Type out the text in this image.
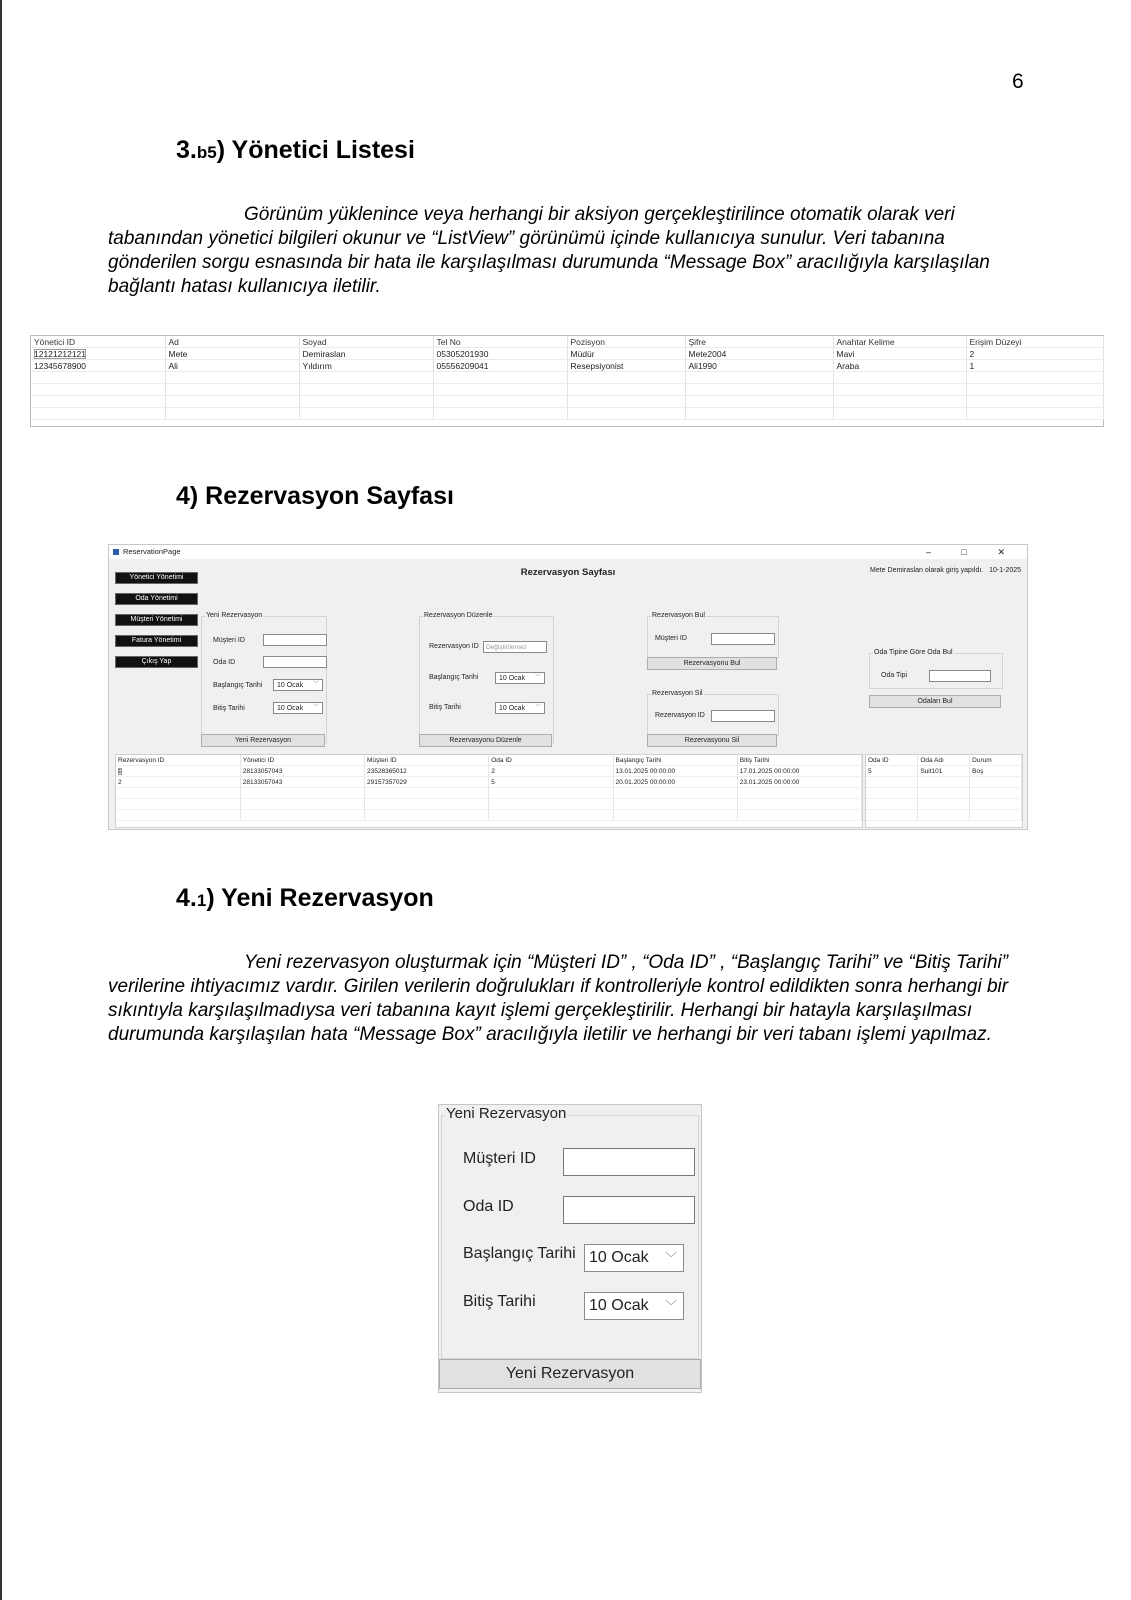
6
3.b5) Yönetici Listesi
Görünüm yüklenince veya herhangi bir aksiyon gerçekleştirilince otomatik olarak veri tabanından yönetici bilgileri okunur ve “ListView” görünümü içinde kullanıcıya sunulur. Veri tabanına gönderilen sorgu esnasında bir hata ile karşılaşılması durumunda “Message Box” aracılığıyla karşılaşılan bağlantı hatası kullanıcıya iletilir.
Yönetici ID	Ad	Soyad	Tel No	Pozisyon	Şifre	Anahtar Kelime	Erişim Düzeyi
12121212121	Mete	Demiraslan	05305201930	Müdür	Mete2004	Mavi	2
12345678900	Ali	Yıldırım	05556209041	Resepsiyonist	Ali1990	Araba	1

4) Rezervasyon Sayfası
ReservationPage	– □ ✕
Rezervasyon Sayfası	Mete Demiraslan olarak giriş yapıldı. 10-1-2025
Yönetici Yönetimi
Oda Yönetimi
Müşteri Yönetimi
Fatura Yönetimi
Çıkış Yap
Yeni Rezervasyon
Müşteri ID
Oda ID
Başlangıç Tarihi	10 Ocak ﹀
Bitiş Tarihi	10 Ocak ﹀
Yeni Rezervasyon
Rezervasyon Düzenle
Rezervasyon ID	Değiştirilemez
Başlangıç Tarihi	10 Ocak ﹀
Bitiş Tarihi	10 Ocak ﹀
Rezervasyonu Düzenle
Rezervasyon Bul
Müşteri ID
Rezervasyonu Bul
Rezervasyon Sil
Rezervasyon ID
Rezervasyonu Sil
Oda Tipine Göre Oda Bul
Oda Tipi
Odaları Bul
Rezervasyon ID	Yönetici ID	Müşteri ID	Oda ID	Başlangıç Tarihi	Bitiş Tarihi
1	28133057043	23528365012	2	13.01.2025 00:00:00	17.01.2025 00:00:00
2	28133057043	29157357029	5	20.01.2025 00:00:00	23.01.2025 00:00:00

Oda ID	Oda Adı	Durum
5	Suit101	Boş

4.1) Yeni Rezervasyon
Yeni rezervasyon oluşturmak için “Müşteri ID” , “Oda ID” , “Başlangıç Tarihi” ve “Bitiş Tarihi” verilerine ihtiyacımız vardır. Girilen verilerin doğrulukları if kontrolleriyle kontrol edildikten sonra herhangi bir sıkıntıyla karşılaşılmadıysa veri tabanına kayıt işlemi gerçekleştirilir. Herhangi bir hatayla karşılaşılması durumunda karşılaşılan hata “Message Box” aracılığıyla iletilir ve herhangi bir veri tabanı işlemi yapılmaz.
Yeni Rezervasyon
Müşteri ID
Oda ID
Başlangıç Tarihi 10 Ocak ﹀
Bitiş Tarihi	10 Ocak ﹀
Yeni Rezervasyon
